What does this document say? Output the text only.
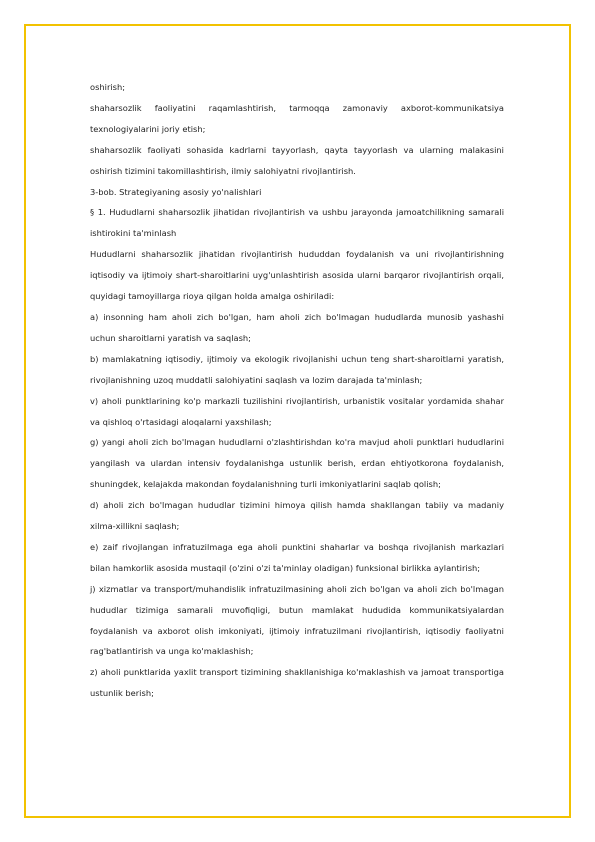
oshirish;

shaharsozlik faoliyatini raqamlashtirish, tarmoqqa zamonaviy axborot-kommunikatsiya texnologiyalarini joriy etish;

shaharsozlik faoliyati sohasida kadrlarni tayyorlash, qayta tayyorlash va ularning malakasini oshirish tizimini takomillashtirish, ilmiy salohiyatni rivojlantirish.

3-bob. Strategiyaning asosiy yo'nalishlari

§ 1. Hududlarni shaharsozlik jihatidan rivojlantirish va ushbu jarayonda jamoatchilikning samarali ishtirokini ta'minlash

Hududlarni shaharsozlik jihatidan rivojlantirish hududdan foydalanish va uni rivojlantirishning iqtisodiy va ijtimoiy shart-sharoitlarini uyg'unlashtirish asosida ularni barqaror rivojlantirish orqali, quyidagi tamoyillarga rioya qilgan holda amalga oshiriladi:

a) insonning ham aholi zich bo'lgan, ham aholi zich bo'lmagan hududlarda munosib yashashi uchun sharoitlarni yaratish va saqlash;

b) mamlakatning iqtisodiy, ijtimoiy va ekologik rivojlanishi uchun teng shart-sharoitlarni yaratish, rivojlanishning uzoq muddatli salohiyatini saqlash va lozim darajada ta'minlash;

v) aholi punktlarining ko'p markazli tuzilishini rivojlantirish, urbanistik vositalar yordamida shahar va qishloq o'rtasidagi aloqalarni yaxshilash;

g) yangi aholi zich bo'lmagan hududlarni o'zlashtirishdan ko'ra mavjud aholi punktlari hududlarini yangilash va ulardan intensiv foydalanishga ustunlik berish, erdan ehtiyotkorona foydalanish, shuningdek, kelajakda makondan foydalanishning turli imkoniyatlarini saqlab qolish;

d) aholi zich bo'lmagan hududlar tizimini himoya qilish hamda shakllangan tabiiy va madaniy xilma-xillikni saqlash;

e) zaif rivojlangan infratuzilmaga ega aholi punktini shaharlar va boshqa rivojlanish markazlari bilan hamkorlik asosida mustaqil (o'zini o'zi ta'minlay oladigan) funksional birlikka aylantirish;

j) xizmatlar va transport/muhandislik infratuzilmasining aholi zich bo'lgan va aholi zich bo'lmagan hududlar tizimiga samarali muvofiqligi, butun mamlakat hududida kommunikatsiyalardan foydalanish va axborot olish imkoniyati, ijtimoiy infratuzilmani rivojlantirish, iqtisodiy faoliyatni rag'batlantirish va unga ko'maklashish;

z) aholi punktlarida yaxlit transport tizimining shakllanishiga ko'maklashish va jamoat transportiga ustunlik berish;
